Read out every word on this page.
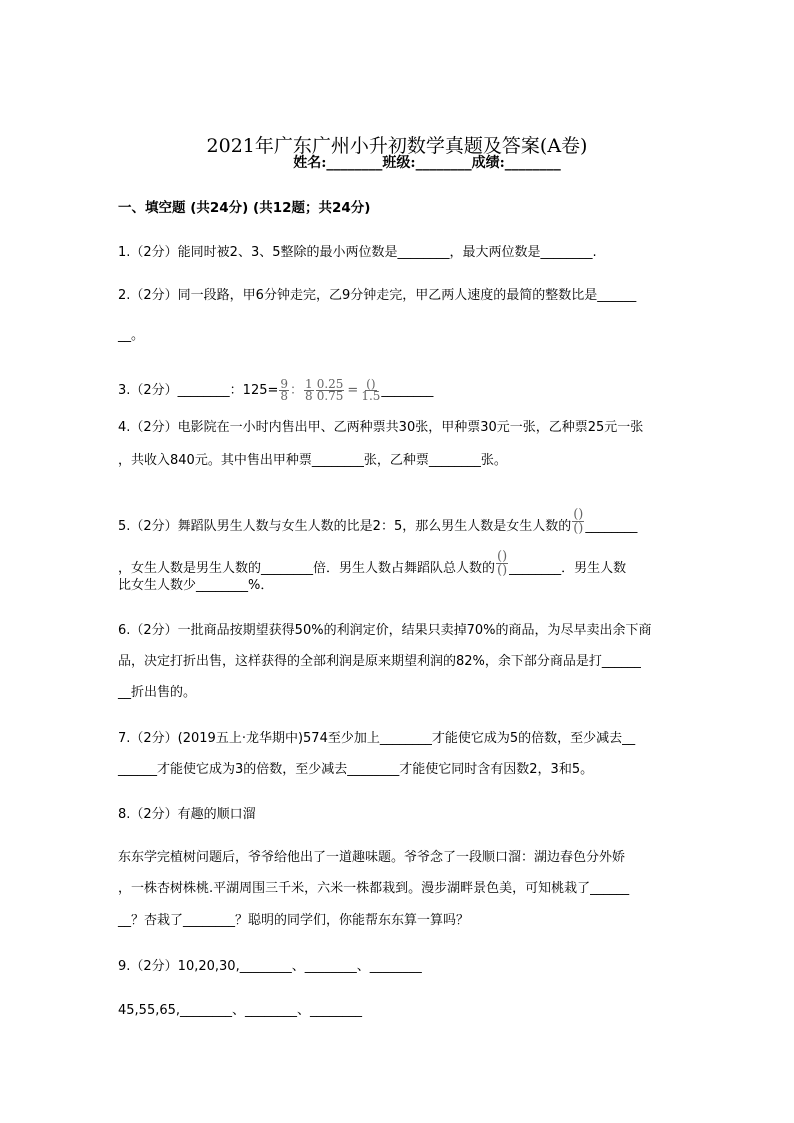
2021年广东广州小升初数学真题及答案(A卷)
姓名:________班级:________成绩:________
一、填空题 (共24分) (共12题；共24分)
1.（2分）能同时被2、3、5整除的最小两位数是________，最大两位数是________.
2.（2分）同一段路，甲6分钟走完，乙9分钟走完，甲乙两人速度的最简的整数比是______
__。
3.（2分）________：$125= \frac{9}{8}$ ： $\frac{1}{8} \frac{0.25}{0.75} = \frac{()}{1.5}$ ________
4.（2分）电影院在一小时内售出甲、乙两种票共30张，甲种票30元一张，乙种票25元一张
，共收入840元。其中售出甲种票________张，乙种票________张。
5.（2分）舞蹈队男生人数与女生人数的比是2：5，那么男生人数是女生人数的 $\frac{()}{()}$ ________
，女生人数是男生人数的________倍．男生人数占舞蹈队总人数的 $\frac{()}{()}$ ________．男生人数
比女生人数少________%．
6.（2分）一批商品按期望获得50%的利润定价，结果只卖掉70%的商品，为尽早卖出余下商
品，决定打折出售，这样获得的全部利润是原来期望利润的82%，余下部分商品是打______
__折出售的。
7.（2分）(2019五上·龙华期中)574至少加上________才能使它成为5的倍数，至少减去__
______才能使它成为3的倍数，至少减去________才能使它同时含有因数2，3和5。
8.（2分）有趣的顺口溜
东东学完植树问题后，爷爷给他出了一道趣味题。爷爷念了一段顺口溜：湖边春色分外娇
，一株杏树株桃.平湖周围三千米，六米一株都栽到。漫步湖畔景色美，可知桃栽了______
__？杏栽了________？聪明的同学们，你能帮东东算一算吗？
9.（2分）10,20,30,________、________、________
45,55,65,________、________、________
